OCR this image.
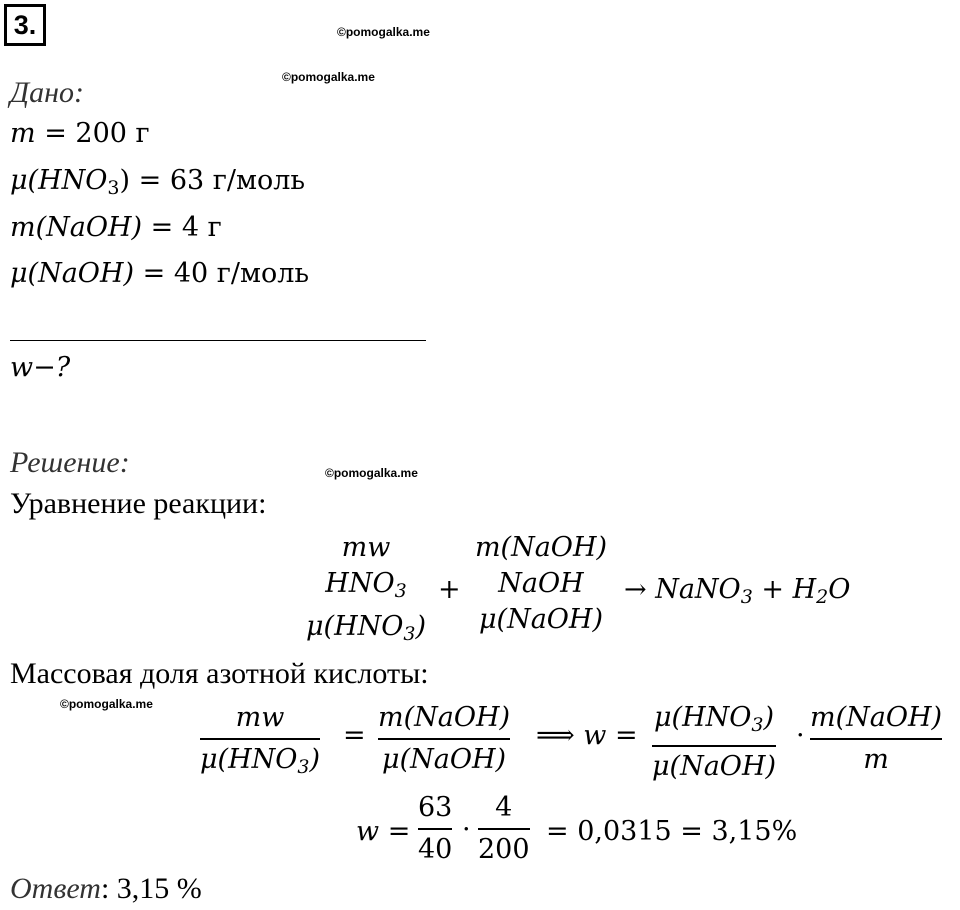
3.	©pomogalka.me
©pomogalka.me
©pomogalka.me
©pomogalka.me
Дано:
m = 200 г
$\mu(HNO_3) = 63$ г/моль
m(NaOH) = 4 г
μ(NaOH) = 40 г/моль
w−?
Решение:
Уравнение реакции:
mw
$HNO_3$
$\mu(HNO_3)$
+
m(NaOH)
NaOH
μ(NaOH)
→ NaNO$_3$ + $H_2O$
Массовая доля азотной кислоты:
mw
$\mu(HNO_3)$
=
m(NaOH)
μ(NaOH)
⟹ w =
$\mu(HNO_3)$
μ(NaOH)
·
m(NaOH)
m
w =
63
40
·
4
200
= 0,0315 = 3,15%
Ответ: 3,15 %
